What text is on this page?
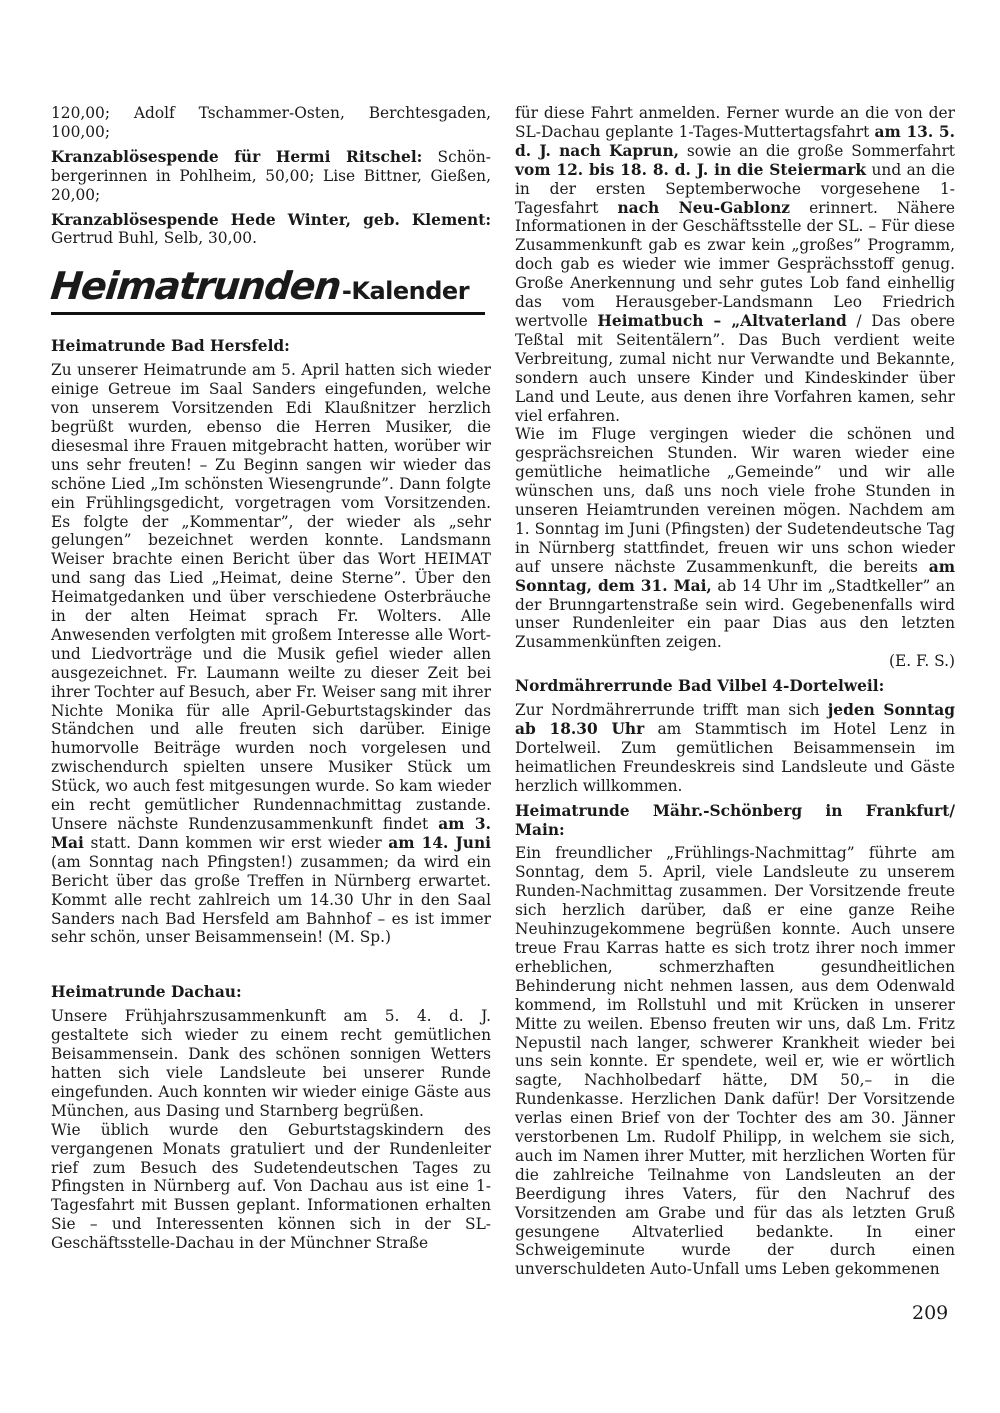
120,00; Adolf Tschammer-Osten, Berchtesgaden, 100,00;

Kranzablösespende für Hermi Ritschel: Schön-bergerinnen in Pohlheim, 50,00; Lise Bittner, Gießen, 20,00;

Kranzablösespende Hede Winter, geb. Klement: Gertrud Buhl, Selb, 30,00.

Heimatrunden -Kalender

Heimatrunde Bad Hersfeld:

Zu unserer Heimatrunde am 5. April hatten sich wieder einige Getreue im Saal Sanders eingefunden, welche von unserem Vorsitzenden Edi Klaußnitzer herzlich begrüßt wurden, ebenso die Herren Musiker, die diesesmal ihre Frauen mitgebracht hatten, worüber wir uns sehr freuten! – Zu Beginn sangen wir wieder das schöne Lied „Im schönsten Wiesengrunde”. Dann folgte ein Frühlingsgedicht, vorgetragen vom Vorsitzenden. Es folgte der „Kommentar”, der wieder als „sehr gelungen” bezeichnet werden konnte. Landsmann Weiser brachte einen Bericht über das Wort HEIMAT und sang das Lied „Heimat, deine Sterne”. Über den Heimatgedanken und über verschiedene Osterbräuche in der alten Heimat sprach Fr. Wolters. Alle Anwesenden verfolgten mit großem Interesse alle Wort- und Liedvorträge und die Musik gefiel wieder allen ausgezeichnet. Fr. Laumann weilte zu dieser Zeit bei ihrer Tochter auf Besuch, aber Fr. Weiser sang mit ihrer Nichte Monika für alle April-Geburtstagskinder das Ständchen und alle freuten sich darüber. Einige humorvolle Beiträge wurden noch vorgelesen und zwischendurch spielten unsere Musiker Stück um Stück, wo auch fest mitgesungen wurde. So kam wieder ein recht gemütlicher Rundennachmittag zustande. Unsere nächste Rundenzusammenkunft findet am 3. Mai statt. Dann kommen wir erst wieder am 14. Juni (am Sonntag nach Pfingsten!) zusammen; da wird ein Bericht über das große Treffen in Nürnberg erwartet. Kommt alle recht zahlreich um 14.30 Uhr in den Saal Sanders nach Bad Hersfeld am Bahnhof – es ist immer sehr schön, unser Beisammensein! (M. Sp.)

Heimatrunde Dachau:

Unsere Frühjahrszusammenkunft am 5. 4. d. J. gestaltete sich wieder zu einem recht gemütlichen Beisammensein. Dank des schönen sonnigen Wetters hatten sich viele Landsleute bei unserer Runde eingefunden. Auch konnten wir wieder einige Gäste aus München, aus Dasing und Starnberg begrüßen.

Wie üblich wurde den Geburtstagskindern des vergangenen Monats gratuliert und der Rundenleiter rief zum Besuch des Sudetendeutschen Tages zu Pfingsten in Nürnberg auf. Von Dachau aus ist eine 1-Tagesfahrt mit Bussen geplant. Informationen erhalten Sie – und Interessenten können sich in der SL-Geschäftsstelle-Dachau in der Münchner Straße

für diese Fahrt anmelden. Ferner wurde an die von der SL-Dachau geplante 1-Tages-Muttertagsfahrt am 13. 5. d. J. nach Kaprun, sowie an die große Sommerfahrt vom 12. bis 18. 8. d. J. in die Steiermark und an die in der ersten Septemberwoche vorgesehene 1-Tagesfahrt nach Neu-Gablonz erinnert. Nähere Informationen in der Geschäftsstelle der SL. – Für diese Zusammenkunft gab es zwar kein „großes” Programm, doch gab es wieder wie immer Gesprächsstoff genug. Große Anerkennung und sehr gutes Lob fand einhellig das vom Herausgeber-Landsmann Leo Friedrich wertvolle Heimatbuch – „Altvaterland / Das obere Teßtal mit Seitentälern”. Das Buch verdient weite Verbreitung, zumal nicht nur Verwandte und Bekannte, sondern auch unsere Kinder und Kindeskinder über Land und Leute, aus denen ihre Vorfahren kamen, sehr viel erfahren.

Wie im Fluge vergingen wieder die schönen und gesprächsreichen Stunden. Wir waren wieder eine gemütliche heimatliche „Gemeinde” und wir alle wünschen uns, daß uns noch viele frohe Stunden in unseren Heiamtrunden vereinen mögen. Nachdem am 1. Sonntag im Juni (Pfingsten) der Sudetendeutsche Tag in Nürnberg stattfindet, freuen wir uns schon wieder auf unsere nächste Zusammenkunft, die bereits am Sonntag, dem 31. Mai, ab 14 Uhr im „Stadtkeller” an der Brunngartenstraße sein wird. Gegebenenfalls wird unser Rundenleiter ein paar Dias aus den letzten Zusammenkünften zeigen.

(E. F. S.)

Nordmährerrunde Bad Vilbel 4-Dortelweil:

Zur Nordmährerrunde trifft man sich jeden Sonntag ab 18.30 Uhr am Stammtisch im Hotel Lenz in Dortelweil. Zum gemütlichen Beisammensein im heimatlichen Freundeskreis sind Landsleute und Gäste herzlich willkommen.

Heimatrunde Mähr.-Schönberg in Frankfurt/ Main:

Ein freundlicher „Frühlings-Nachmittag” führte am Sonntag, dem 5. April, viele Landsleute zu unserem Runden-Nachmittag zusammen. Der Vorsitzende freute sich herzlich darüber, daß er eine ganze Reihe Neuhinzugekommene begrüßen konnte. Auch unsere treue Frau Karras hatte es sich trotz ihrer noch immer erheblichen, schmerzhaften gesundheitlichen Behinderung nicht nehmen lassen, aus dem Odenwald kommend, im Rollstuhl und mit Krücken in unserer Mitte zu weilen. Ebenso freuten wir uns, daß Lm. Fritz Nepustil nach langer, schwerer Krankheit wieder bei uns sein konnte. Er spendete, weil er, wie er wörtlich sagte, Nachholbedarf hätte, DM 50,– in die Rundenkasse. Herzlichen Dank dafür! Der Vorsitzende verlas einen Brief von der Tochter des am 30. Jänner verstorbenen Lm. Rudolf Philipp, in welchem sie sich, auch im Namen ihrer Mutter, mit herzlichen Worten für die zahlreiche Teilnahme von Landsleuten an der Beerdigung ihres Vaters, für den Nachruf des Vorsitzenden am Grabe und für das als letzten Gruß gesungene Altvaterlied bedankte. In einer Schweigeminute wurde der durch einen unverschuldeten Auto-Unfall ums Leben gekommenen

209
